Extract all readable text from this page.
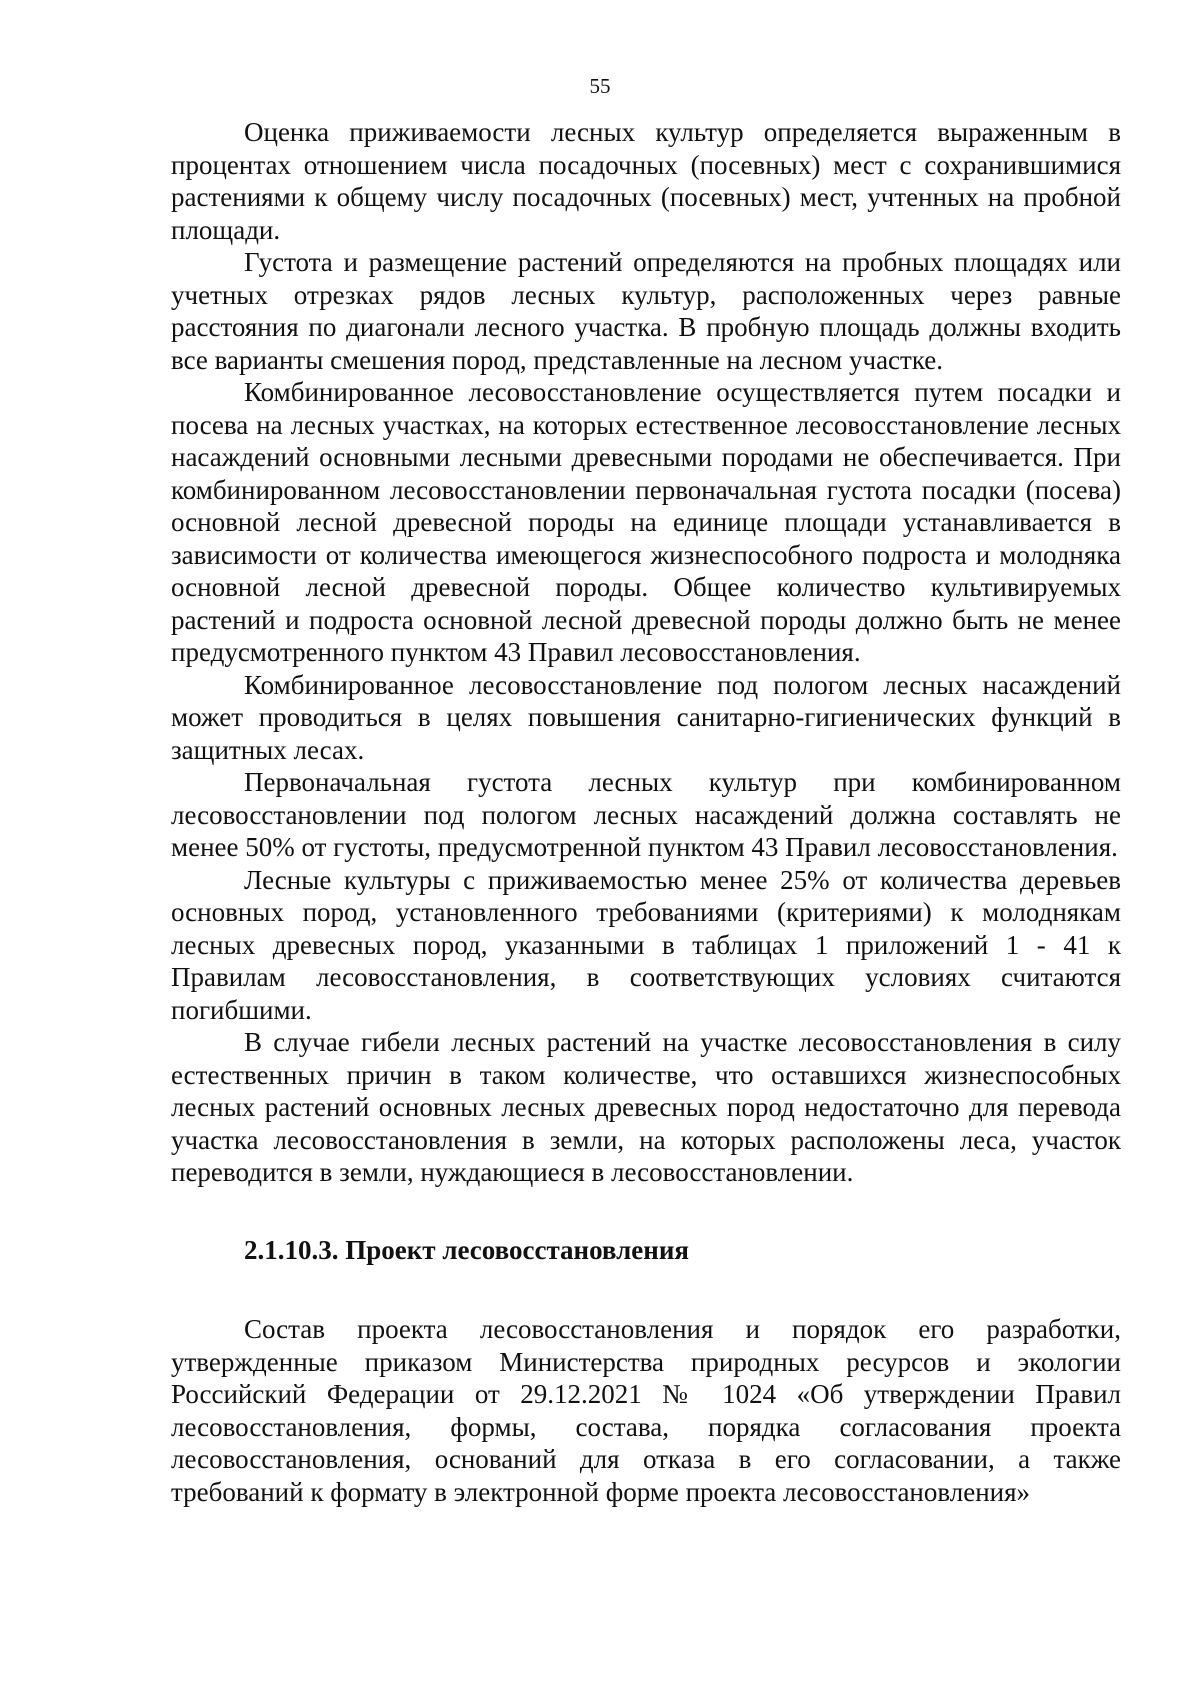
55

Оценка приживаемости лесных культур определяется выраженным в процентах отношением числа посадочных (посевных) мест с сохранившимися растениями к общему числу посадочных (посевных) мест, учтенных на пробной площади.

Густота и размещение растений определяются на пробных площадях или учетных отрезках рядов лесных культур, расположенных через равные расстояния по диагонали лесного участка. В пробную площадь должны входить все варианты смешения пород, представленные на лесном участке.

Комбинированное лесовосстановление осуществляется путем посадки и посева на лесных участках, на которых естественное лесовосстановление лесных насаждений основными лесными древесными породами не обеспечивается. При комбинированном лесовосстановлении первоначальная густота посадки (посева) основной лесной древесной породы на единице площади устанавливается в зависимости от количества имеющегося жизнеспособного подроста и молодняка основной лесной древесной породы. Общее количество культивируемых растений и подроста основной лесной древесной породы должно быть не менее предусмотренного пунктом 43 Правил лесовосстановления.

Комбинированное лесовосстановление под пологом лесных насаждений может проводиться в целях повышения санитарно-гигиенических функций в защитных лесах.

Первоначальная густота лесных культур при комбинированном лесовосстановлении под пологом лесных насаждений должна составлять не менее 50% от густоты, предусмотренной пунктом 43 Правил лесовосстановления.

Лесные культуры с приживаемостью менее 25% от количества деревьев основных пород, установленного требованиями (критериями) к молоднякам лесных древесных пород, указанными в таблицах 1 приложений 1 - 41 к Правилам лесовосстановления, в соответствующих условиях считаются погибшими.

В случае гибели лесных растений на участке лесовосстановления в силу естественных причин в таком количестве, что оставшихся жизнеспособных лесных растений основных лесных древесных пород недостаточно для перевода участка лесовосстановления в земли, на которых расположены леса, участок переводится в земли, нуждающиеся в лесовосстановлении.

2.1.10.3. Проект лесовосстановления

Состав проекта лесовосстановления и порядок его разработки, утвержденные приказом Министерства природных ресурсов и экологии Российский Федерации от 29.12.2021 № 1024 «Об утверждении Правил лесовосстановления, формы, состава, порядка согласования проекта лесовосстановления, оснований для отказа в его согласовании, а также требований к формату в электронной форме проекта лесовосстановления»
